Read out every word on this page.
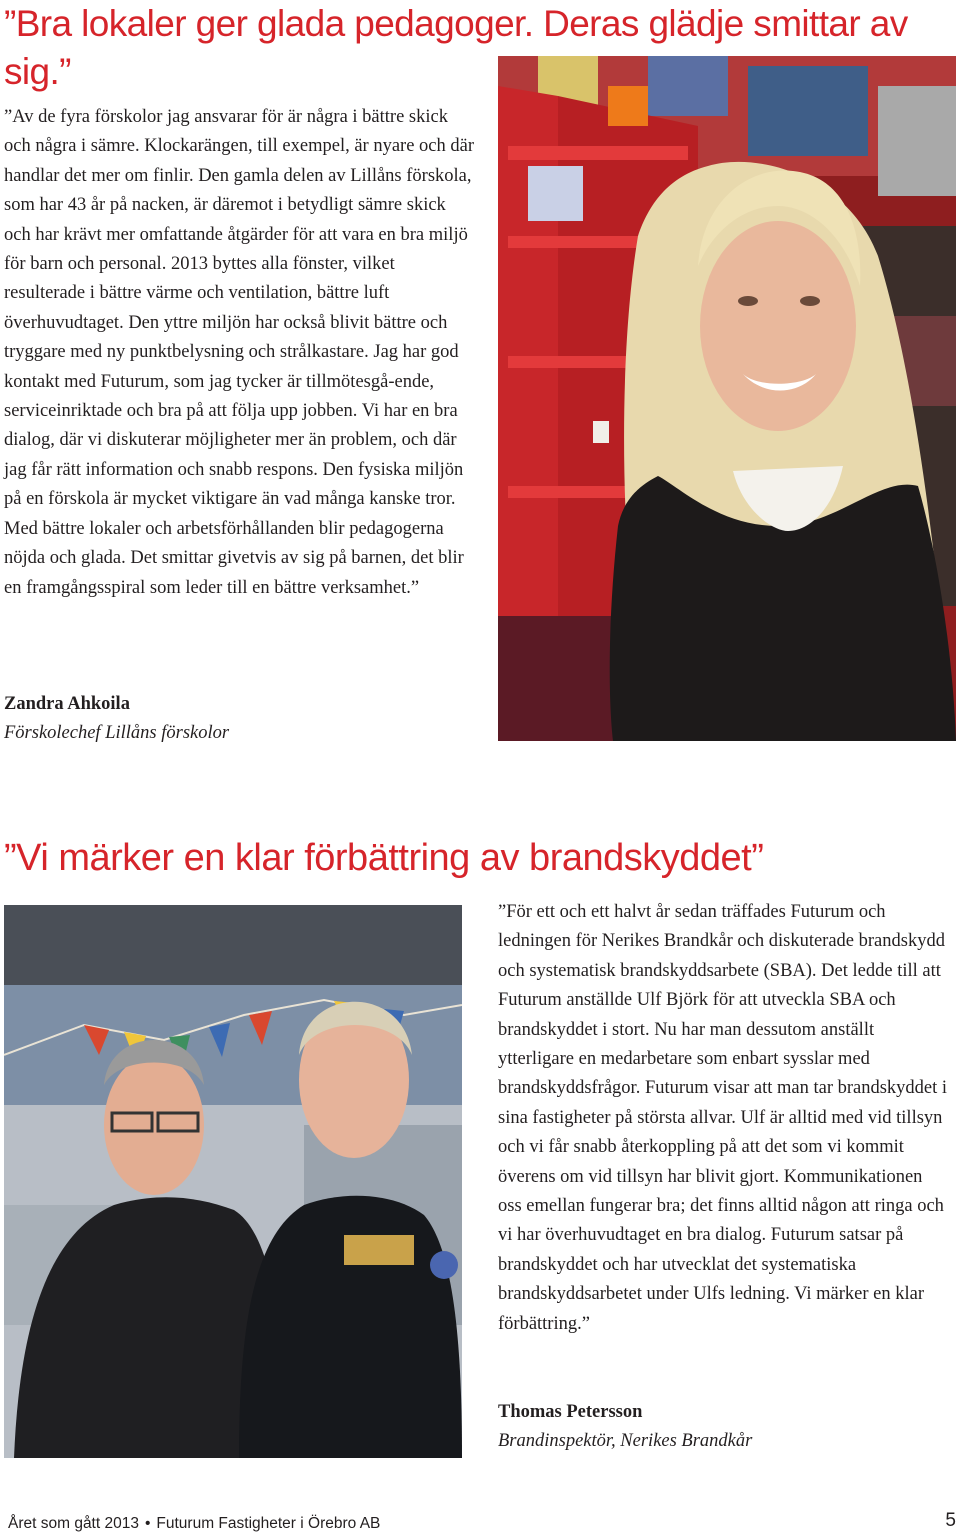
”Bra lokaler ger glada pedagoger. Deras glädje smittar av sig.”

”Av de fyra förskolor jag ansvarar för är några i bättre skick och några i sämre. Klockarängen, till exempel, är nyare och där handlar det mer om finlir. Den gamla delen av Lillåns förskola, som har 43 år på nacken, är däremot i betydligt sämre skick och har krävt mer omfattande åtgärder för att vara en bra miljö för barn och personal. 2013 byttes alla fönster, vilket resulterade i bättre värme och ventilation, bättre luft överhuvudtaget. Den yttre miljön har också blivit bättre och tryggare med ny punktbelysning och strålkastare. Jag har god kontakt med Futurum, som jag tycker är tillmötesgå-ende, serviceinriktade och bra på att följa upp jobben. Vi har en bra dialog, där vi diskuterar möjligheter mer än problem, och där jag får rätt information och snabb respons. Den fysiska miljön på en förskola är mycket viktigare än vad många kanske tror. Med bättre lokaler och arbetsförhållanden blir pedagogerna nöjda och glada. Det smittar givetvis av sig på barnen, det blir en framgångsspiral som leder till en bättre verksamhet.”

Zandra Ahkoila

Förskolechef Lillåns förskolor

”Vi märker en klar förbättring av brandskyddet”

”För ett och ett halvt år sedan träffades Futurum och ledningen för Nerikes Brandkår och diskuterade brandskydd och systematisk brandskyddsarbete (SBA). Det ledde till att Futurum anställde Ulf Björk för att utveckla SBA och brandskyddet i stort. Nu har man dessutom anställt ytterligare en medarbetare som enbart sysslar med brandskyddsfrågor. Futurum visar att man tar brandskyddet i sina fastigheter på största allvar. Ulf är alltid med vid tillsyn och vi får snabb återkoppling på att det som vi kommit överens om vid tillsyn har blivit gjort. Kommunikationen oss emellan fungerar bra; det finns alltid någon att ringa och vi har överhuvudtaget en bra dialog. Futurum satsar på brandskyddet och har utvecklat det systematiska brandskyddsarbetet under Ulfs ledning. Vi märker en klar förbättring.”

Thomas Petersson

Brandinspektör, Nerikes Brandkår

Året som gått 2013 • Futurum Fastigheter i Örebro AB	5
